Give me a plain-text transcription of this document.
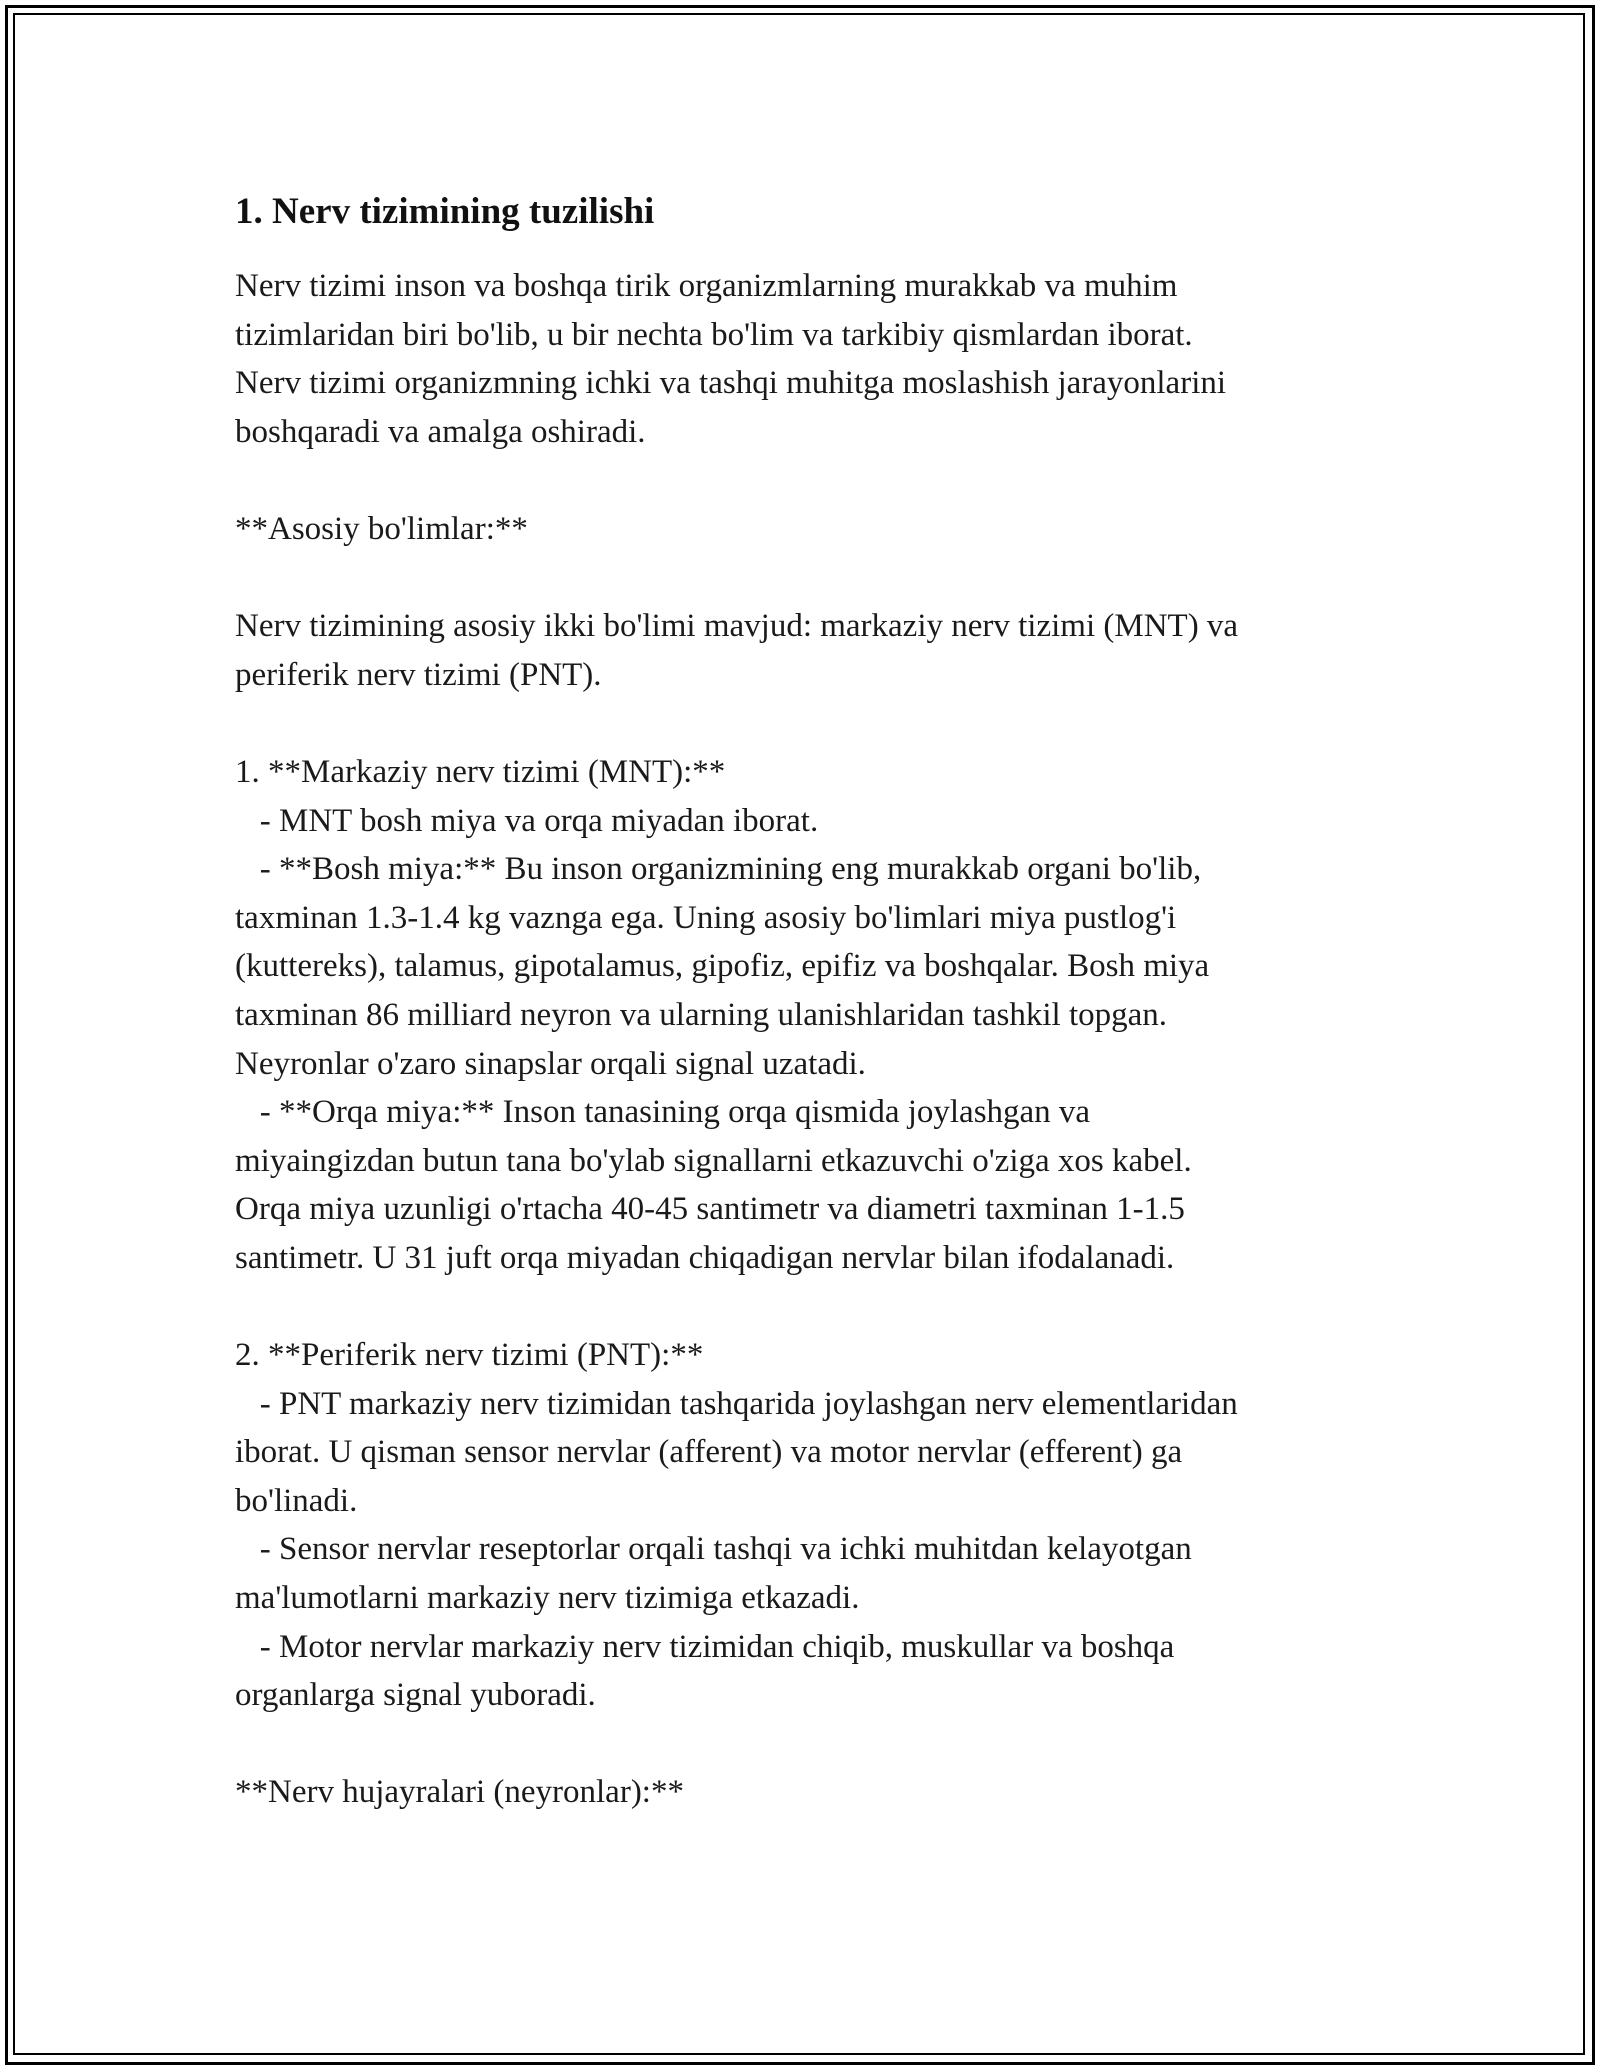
1. Nerv tizimining tuzilishi
Nerv tizimi inson va boshqa tirik organizmlarning murakkab va muhim
tizimlaridan biri bo'lib, u bir nechta bo'lim va tarkibiy qismlardan iborat.
Nerv tizimi organizmning ichki va tashqi muhitga moslashish jarayonlarini
boshqaradi va amalga oshiradi.

**Asosiy bo'limlar:**

Nerv tizimining asosiy ikki bo'limi mavjud: markaziy nerv tizimi (MNT) va
periferik nerv tizimi (PNT).

1. **Markaziy nerv tizimi (MNT):**
- MNT bosh miya va orqa miyadan iborat.
- **Bosh miya:** Bu inson organizmining eng murakkab organi bo'lib,
taxminan 1.3-1.4 kg vaznga ega. Uning asosiy bo'limlari miya pustlog'i
(kuttereks), talamus, gipotalamus, gipofiz, epifiz va boshqalar. Bosh miya
taxminan 86 milliard neyron va ularning ulanishlaridan tashkil topgan.
Neyronlar o'zaro sinapslar orqali signal uzatadi.
- **Orqa miya:** Inson tanasining orqa qismida joylashgan va
miyaingizdan butun tana bo'ylab signallarni etkazuvchi o'ziga xos kabel.
Orqa miya uzunligi o'rtacha 40-45 santimetr va diametri taxminan 1-1.5
santimetr. U 31 juft orqa miyadan chiqadigan nervlar bilan ifodalanadi.

2. **Periferik nerv tizimi (PNT):**
- PNT markaziy nerv tizimidan tashqarida joylashgan nerv elementlaridan
iborat. U qisman sensor nervlar (afferent) va motor nervlar (efferent) ga
bo'linadi.
- Sensor nervlar reseptorlar orqali tashqi va ichki muhitdan kelayotgan
ma'lumotlarni markaziy nerv tizimiga etkazadi.
- Motor nervlar markaziy nerv tizimidan chiqib, muskullar va boshqa
organlarga signal yuboradi.

**Nerv hujayralari (neyronlar):**
